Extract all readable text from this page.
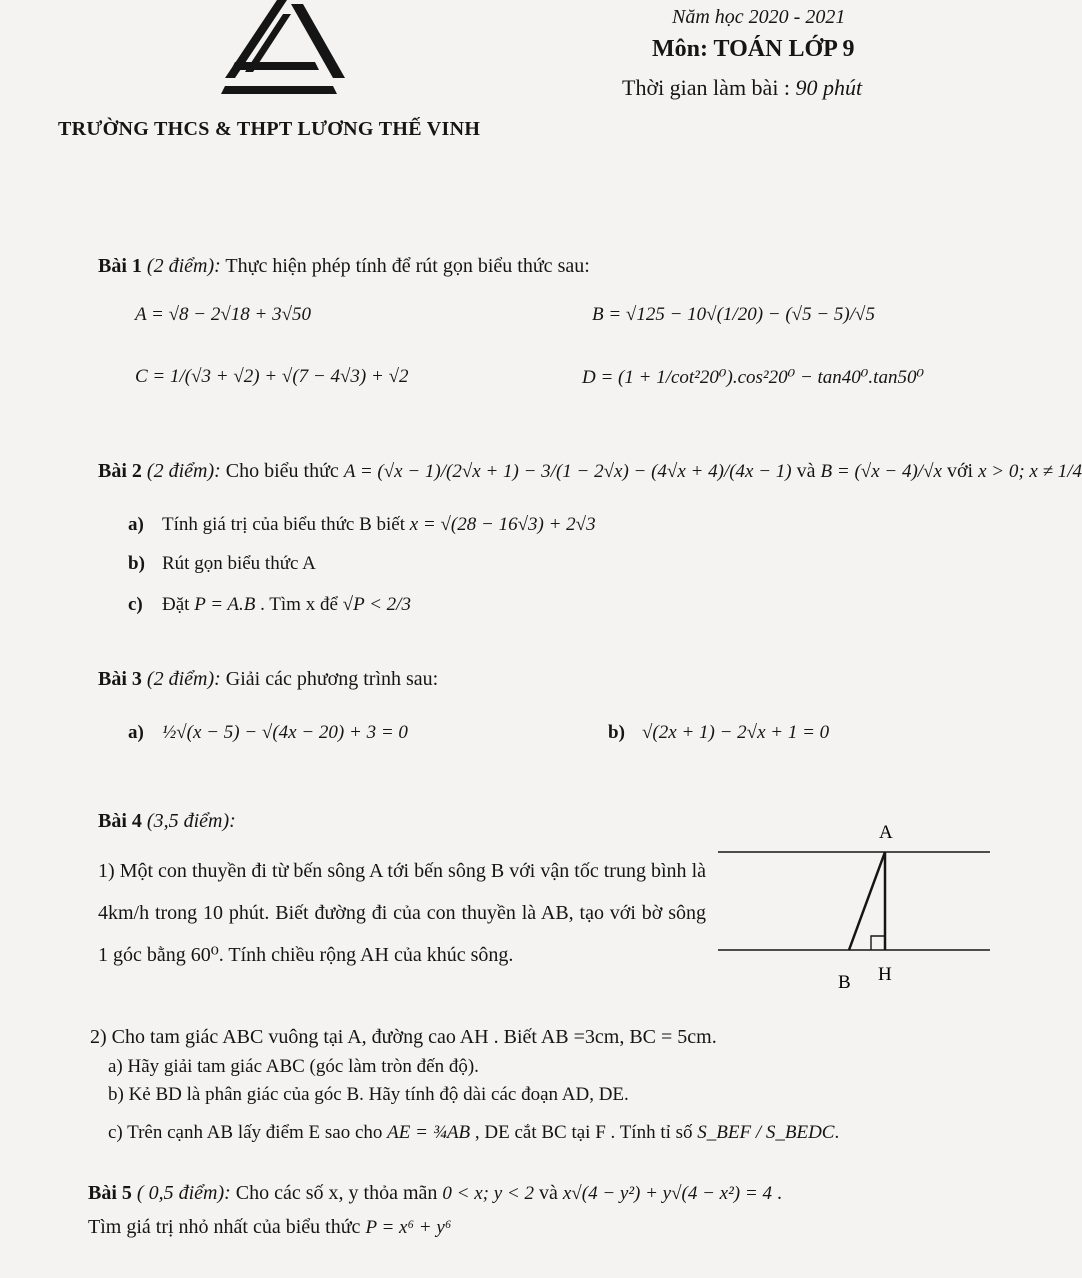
Năm học 2020 - 2021
Môn: TOÁN LỚP 9
Thời gian làm bài : 90 phút
TRƯỜNG THCS & THPT LƯƠNG THẾ VINH
Bài 1 (2 điểm): Thực hiện phép tính để rút gọn biểu thức sau:
A = √8 − 2√18 + 3√50	B = √125 − 10√(1/20) − (√5 − 5)/√5
C = 1/(√3 + √2) + √(7 − 4√3) + √2	D = (1 + 1/cot²20⁰).cos²20⁰ − tan40⁰.tan50⁰
Bài 2 (2 điểm): Cho biểu thức A = (√x − 1)/(2√x + 1) − 3/(1 − 2√x) − (4√x + 4)/(4x − 1) và B = (√x − 4)/√x với x > 0; x ≠ 1/4
a) Tính giá trị của biểu thức B biết x = √(28 − 16√3) + 2√3
b) Rút gọn biểu thức A
c) Đặt P = A.B . Tìm x để √P < 2/3
Bài 3 (2 điểm): Giải các phương trình sau:
a) ½√(x − 5) − √(4x − 20) + 3 = 0	b) √(2x + 1) − 2√x + 1 = 0
Bài 4 (3,5 điểm):
1) Một con thuyền đi từ bến sông A tới bến sông B với vận tốc trung bình là 4km/h trong 10 phút. Biết đường đi của con thuyền là AB, tạo với bờ sông 1 góc bằng 60⁰. Tính chiều rộng AH của khúc sông.
A
B H
2) Cho tam giác ABC vuông tại A, đường cao AH . Biết AB =3cm, BC = 5cm.
a) Hãy giải tam giác ABC (góc làm tròn đến độ).
b) Kẻ BD là phân giác của góc B. Hãy tính độ dài các đoạn AD, DE.
c) Trên cạnh AB lấy điểm E sao cho AE = ¾AB , DE cắt BC tại F . Tính tỉ số S_BEF / S_BEDC.
Bài 5 ( 0,5 điểm): Cho các số x, y thỏa mãn 0 < x; y < 2 và x√(4 − y²) + y√(4 − x²) = 4 .
Tìm giá trị nhỏ nhất của biểu thức P = x⁶ + y⁶
